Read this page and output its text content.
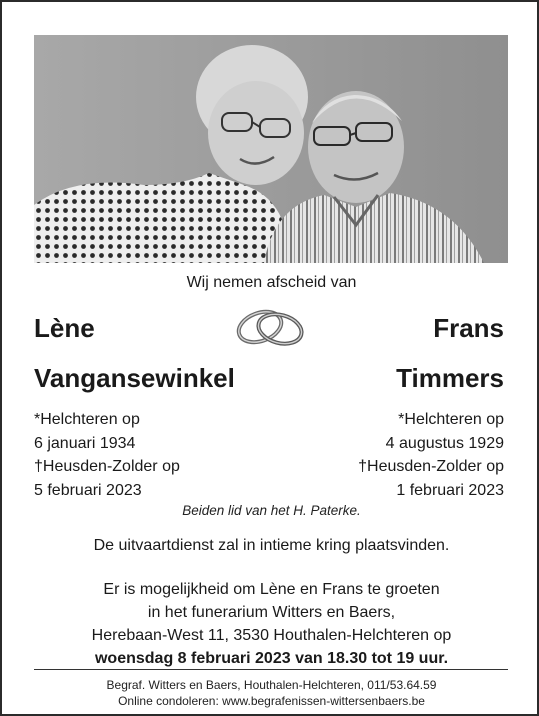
Wij nemen afscheid van
Lène	Frans
Vangansewinkel	Timmers
*Helchteren op
6 januari 1934
†Heusden-Zolder op
5 februari 2023
*Helchteren op
4 augustus 1929
†Heusden-Zolder op
1 februari 2023
Beiden lid van het H. Paterke.
De uitvaartdienst zal in intieme kring plaatsvinden.
Er is mogelijkheid om Lène en Frans te groeten
in het funerarium Witters en Baers,
Herebaan-West 11, 3530 Houthalen-Helchteren op
woensdag 8 februari 2023 van 18.30 tot 19 uur.
Begraf. Witters en Baers, Houthalen-Helchteren, 011/53.64.59
Online condoleren: www.begrafenissen-wittersenbaers.be
